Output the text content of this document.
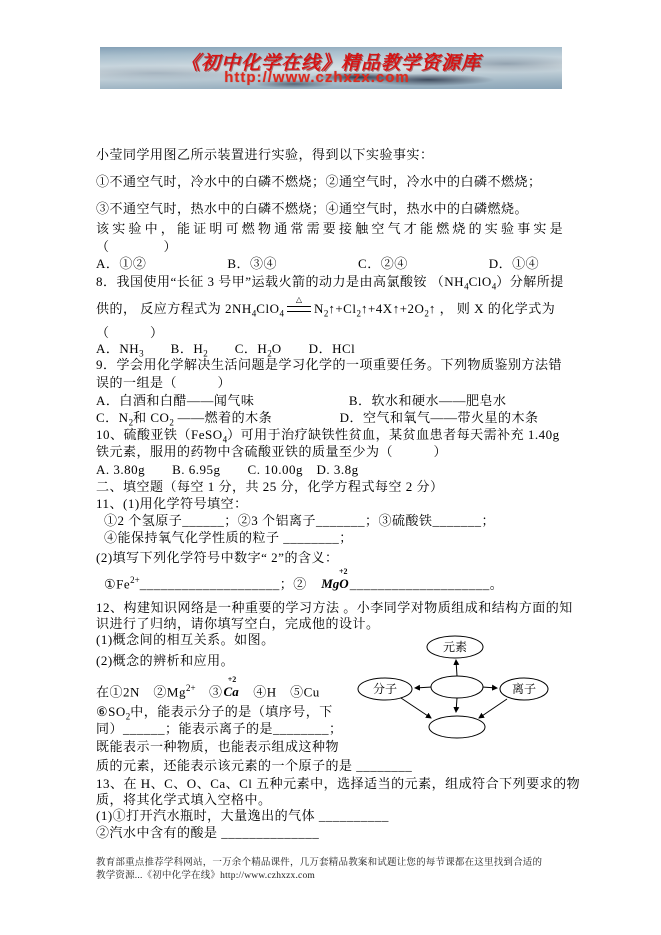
《初中化学在线》精品教学资源库
http://www.czhxzx.com
小莹同学用图乙所示装置进行实验，得到以下实验事实：
①不通空气时，冷水中的白磷不燃烧；②通空气时，冷水中的白磷不燃烧；
③不通空气时，热水中的白磷不燃烧；④通空气时，热水中的白磷燃烧。
该实验中，能证明可燃物通常需要接触空气才能燃烧的实验事实是
（　　　　）
A．①②　　　　　　B．③④　　　　　　C．②④　　　　　　D．①④
8．我国使用“长征 3 号甲”运载火箭的动力是由高氯酸铵 $(NH_4ClO_4)$分解所提
供的， 反应方程式为 $2NH_4ClO_4$
△
$N_2↑+Cl_2↑+4X↑+2O_2↑$ ， 则 X 的化学式为
（　　　）
A．$NH_3$　　B．$H_2$　　C．$H_2O$　　D．HCl
9．学会用化学解决生活问题是学习化学的一项重要任务。下列物质鉴别方法错
误的一组是（　　　）
A．白酒和白醋——闻气味　　　　　　　B．软水和硬水——肥皂水
C．$N_2$和 $CO_2$ ——燃着的木条　　　　　D．空气和氧气——带火星的木条
10、硫酸亚铁（FeSO$_4$）可用于治疗缺铁性贫血，某贫血患者每天需补充 1.40g
铁元素，服用的药物中含硫酸亚铁的质量至少为（　　　）
A. 3.80g　　B. 6.95g　　C. 10.00g　D. 3.8g
二、填空题（每空 1 分，共 25 分，化学方程式每空 2 分）
11、(1)用化学符号填空：
①2 个氢原子______；②3 个铝离子_______；③硫酸铁_______；
④能保持氧气化学性质的粒子 ________；
(2)填写下列化学符号中数字“ 2”的含义：
$①Fe^{2+}\_\_\_\_\_\_\_\_\_\_\_\_\_\_\_\_\_\_\_\_$；②　
+2
MgO____________________。
12、构建知识网络是一种重要的学习方法 。小李同学对物质组成和结构方面的知
识进行了归纳，请你填写空白，完成他的设计。
(1)概念间的相互关系。如图。
(2)概念的辨析和应用。
在①2N　$②Mg^{2+}$　③
+2
Ca　④H　⑤Cu
$⑥SO_2$中，能表示分子的是（填序号，下
同）______；能表示离子的是________；
既能表示一种物质，也能表示组成这种物
质的元素，还能表示该元素的一个原子的是 ________
13、在 H、C、O、Ca、Cl 五种元素中，选择适当的元素，组成符合下列要求的物
质，将其化学式填入空格中。
(1)①打开汽水瓶时，大量逸出的气体 __________
②汽水中含有的酸是 ______________
元素
分子	离子
教育部重点推荐学科网站，一万余个精品课件，几万套精品教案和试题让您的每节课都在这里找到合适的
教学资源...《初中化学在线》http://www.czhxzx.com
